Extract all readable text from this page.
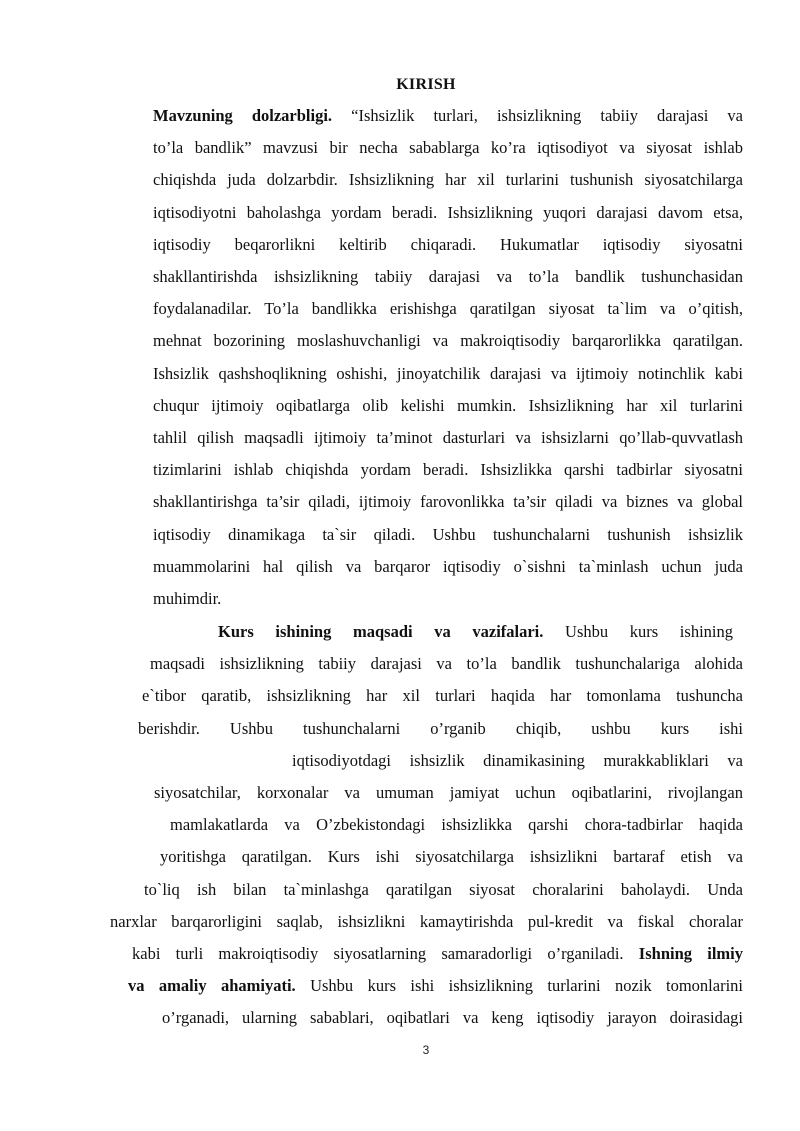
KIRISH
Mavzuning dolzarbligi. “Ishsizlik turlari, ishsizlikning tabiiy darajasi va
to’la bandlik” mavzusi bir necha sabablarga ko’ra iqtisodiyot va siyosat ishlab
chiqishda juda dolzarbdir. Ishsizlikning har xil turlarini tushunish siyosatchilarga
iqtisodiyotni baholashga yordam beradi. Ishsizlikning yuqori darajasi davom etsa,
iqtisodiy beqarorlikni keltirib chiqaradi. Hukumatlar iqtisodiy siyosatni
shakllantirishda ishsizlikning tabiiy darajasi va to’la bandlik tushunchasidan
foydalanadilar. To’la bandlikka erishishga qaratilgan siyosat ta`lim va o’qitish,
mehnat bozorining moslashuvchanligi va makroiqtisodiy barqarorlikka qaratilgan.
Ishsizlik qashshoqlikning oshishi, jinoyatchilik darajasi va ijtimoiy notinchlik kabi
chuqur ijtimoiy oqibatlarga olib kelishi mumkin. Ishsizlikning har xil turlarini
tahlil qilish maqsadli ijtimoiy ta’minot dasturlari va ishsizlarni qo’llab-quvvatlash
tizimlarini ishlab chiqishda yordam beradi. Ishsizlikka qarshi tadbirlar siyosatni
shakllantirishga ta’sir qiladi, ijtimoiy farovonlikka ta’sir qiladi va biznes va global
iqtisodiy dinamikaga ta`sir qiladi. Ushbu tushunchalarni tushunish ishsizlik
muammolarini hal qilish va barqaror iqtisodiy o`sishni ta`minlash uchun juda
muhimdir.
Kurs ishining maqsadi va vazifalari. Ushbu kurs ishining
maqsadi ishsizlikning tabiiy darajasi va to’la bandlik tushunchalariga alohida
e`tibor qaratib, ishsizlikning har xil turlari haqida har tomonlama tushuncha
berishdir. Ushbu tushunchalarni o’rganib chiqib, ushbu kurs ishi
iqtisodiyotdagi ishsizlik dinamikasining murakkabliklari va
siyosatchilar, korxonalar va umuman jamiyat uchun oqibatlarini, rivojlangan
mamlakatlarda va O’zbekistondagi ishsizlikka qarshi chora-tadbirlar haqida
yoritishga qaratilgan. Kurs ishi siyosatchilarga ishsizlikni bartaraf etish va
to`liq ish bilan ta`minlashga qaratilgan siyosat choralarini baholaydi. Unda
narxlar barqarorligini saqlab, ishsizlikni kamaytirishda pul-kredit va fiskal choralar
kabi turli makroiqtisodiy siyosatlarning samaradorligi o’rganiladi. Ishning ilmiy
va amaliy ahamiyati. Ushbu kurs ishi ishsizlikning turlarini nozik tomonlarini
o’rganadi, ularning sabablari, oqibatlari va keng iqtisodiy jarayon doirasidagi
3
